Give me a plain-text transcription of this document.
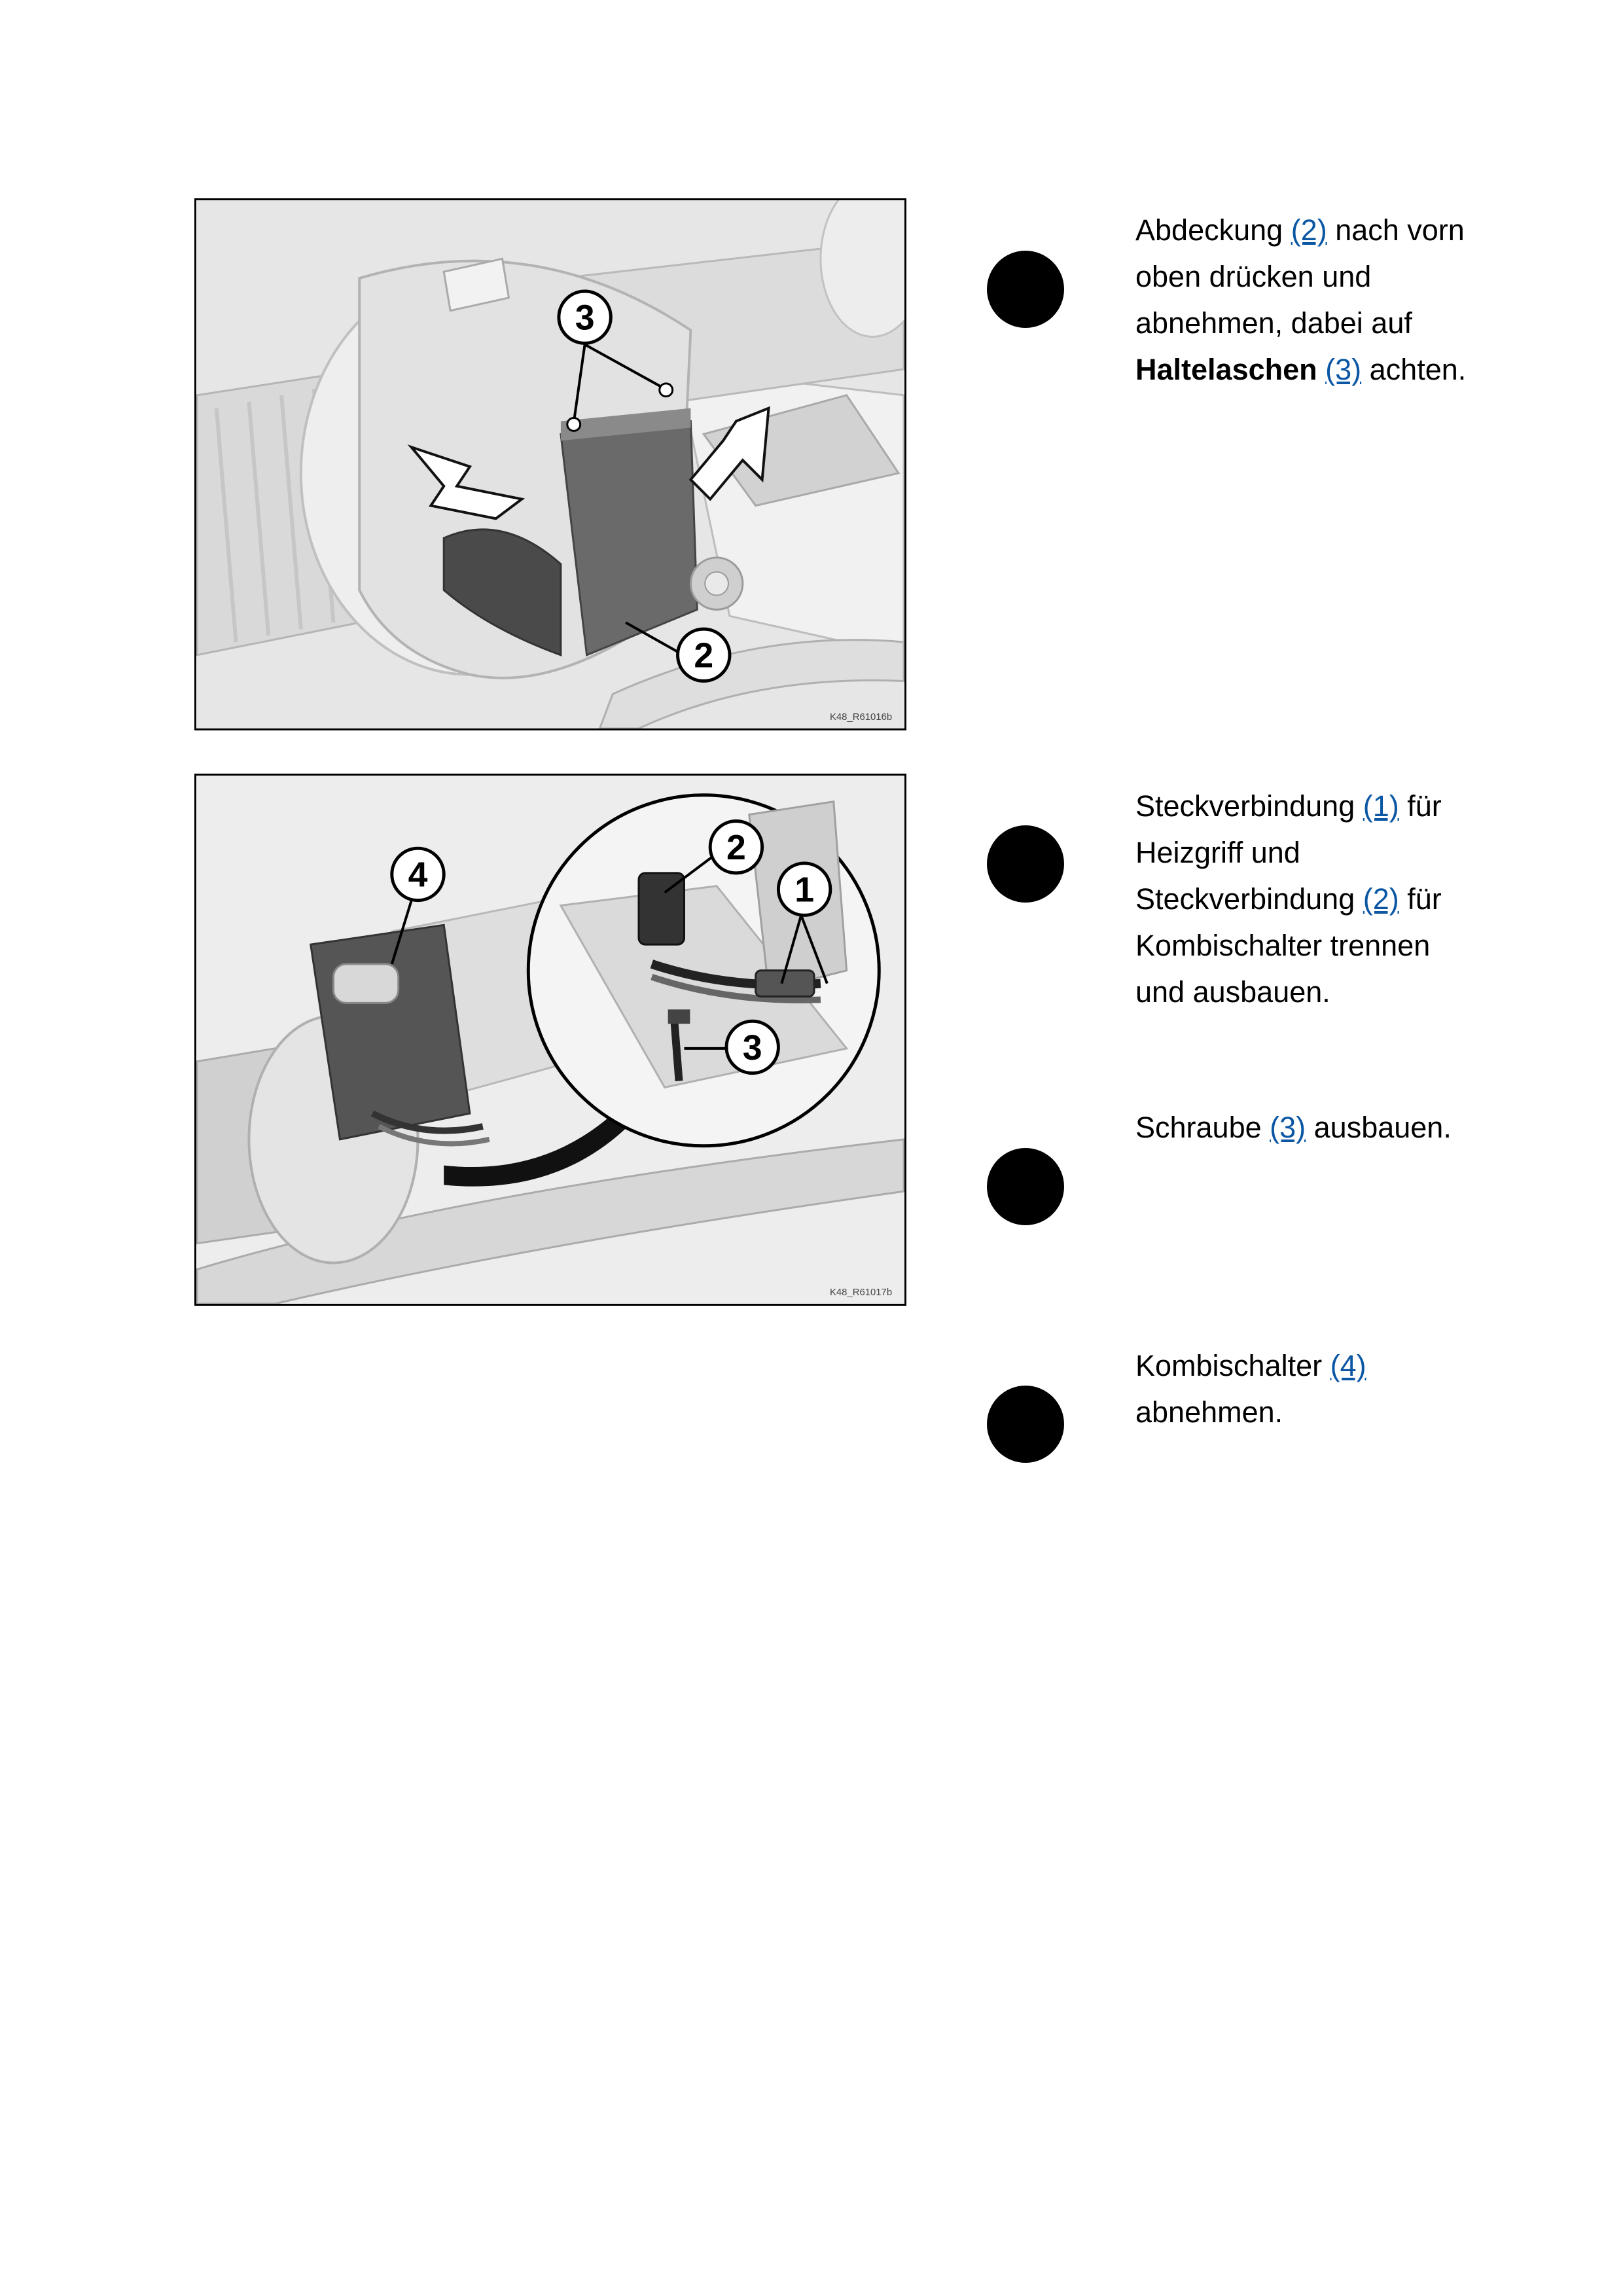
3
2
K48_R61016b
4
2
1
3
K48_R61017b

Abdeckung (2) nach vorn oben drücken und abnehmen, dabei auf Haltelaschen (3) achten.

Steckverbindung (1) für Heizgriff und Steckverbindung (2) für Kombischalter trennen und ausbauen.

Schraube (3) ausbauen.

Kombischalter (4) abnehmen.
